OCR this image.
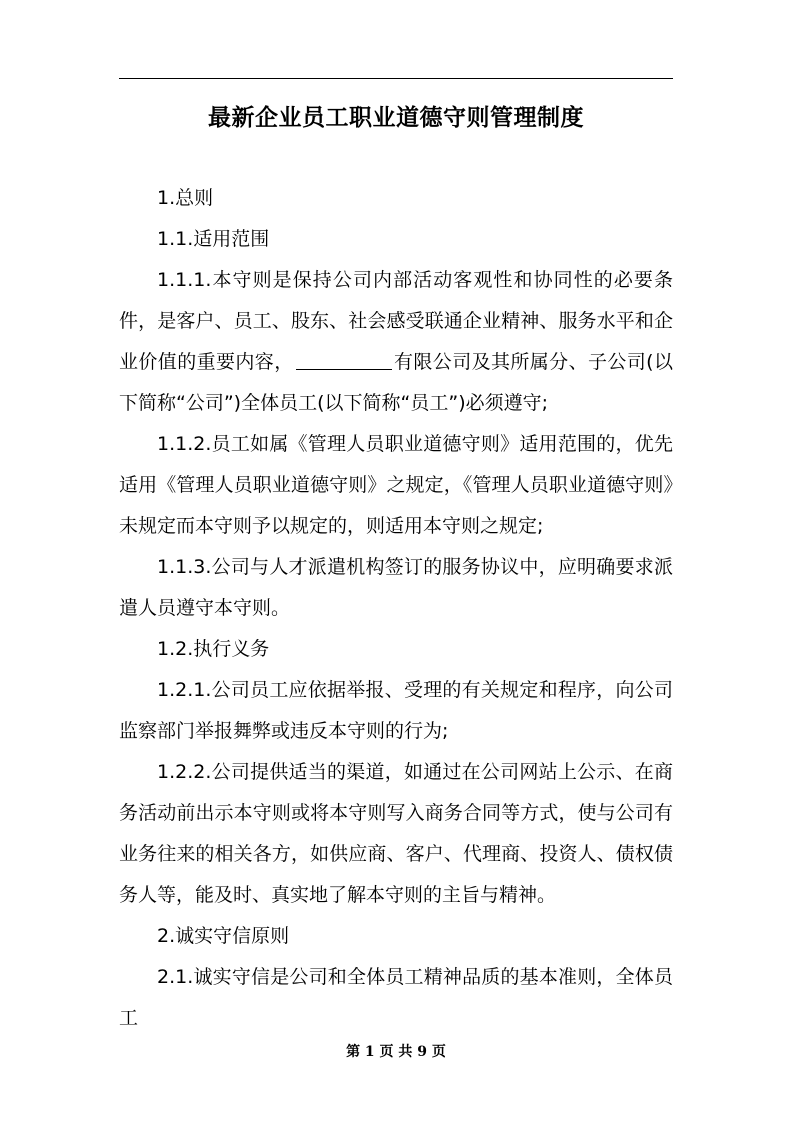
最新企业员工职业道德守则管理制度

1.总则

1.1.适用范围

1.1.1.本守则是保持公司内部活动客观性和协同性的必要条件，是客户、员工、股东、社会感受联通企业精神、服务水平和企业价值的重要内容，	有限公司及其所属分、子公司(以下简称“公司”)全体员工(以下简称“员工”)必须遵守;

1.1.2.员工如属《管理人员职业道德守则》适用范围的，优先适用《管理人员职业道德守则》之规定，《管理人员职业道德守则》未规定而本守则予以规定的，则适用本守则之规定;

1.1.3.公司与人才派遣机构签订的服务协议中，应明确要求派遣人员遵守本守则。

1.2.执行义务

1.2.1.公司员工应依据举报、受理的有关规定和程序，向公司监察部门举报舞弊或违反本守则的行为;

1.2.2.公司提供适当的渠道，如通过在公司网站上公示、在商务活动前出示本守则或将本守则写入商务合同等方式，使与公司有业务往来的相关各方，如供应商、客户、代理商、投资人、债权债务人等，能及时、真实地了解本守则的主旨与精神。

2.诚实守信原则

2.1.诚实守信是公司和全体员工精神品质的基本准则，全体员工

第 1 页 共 9 页
